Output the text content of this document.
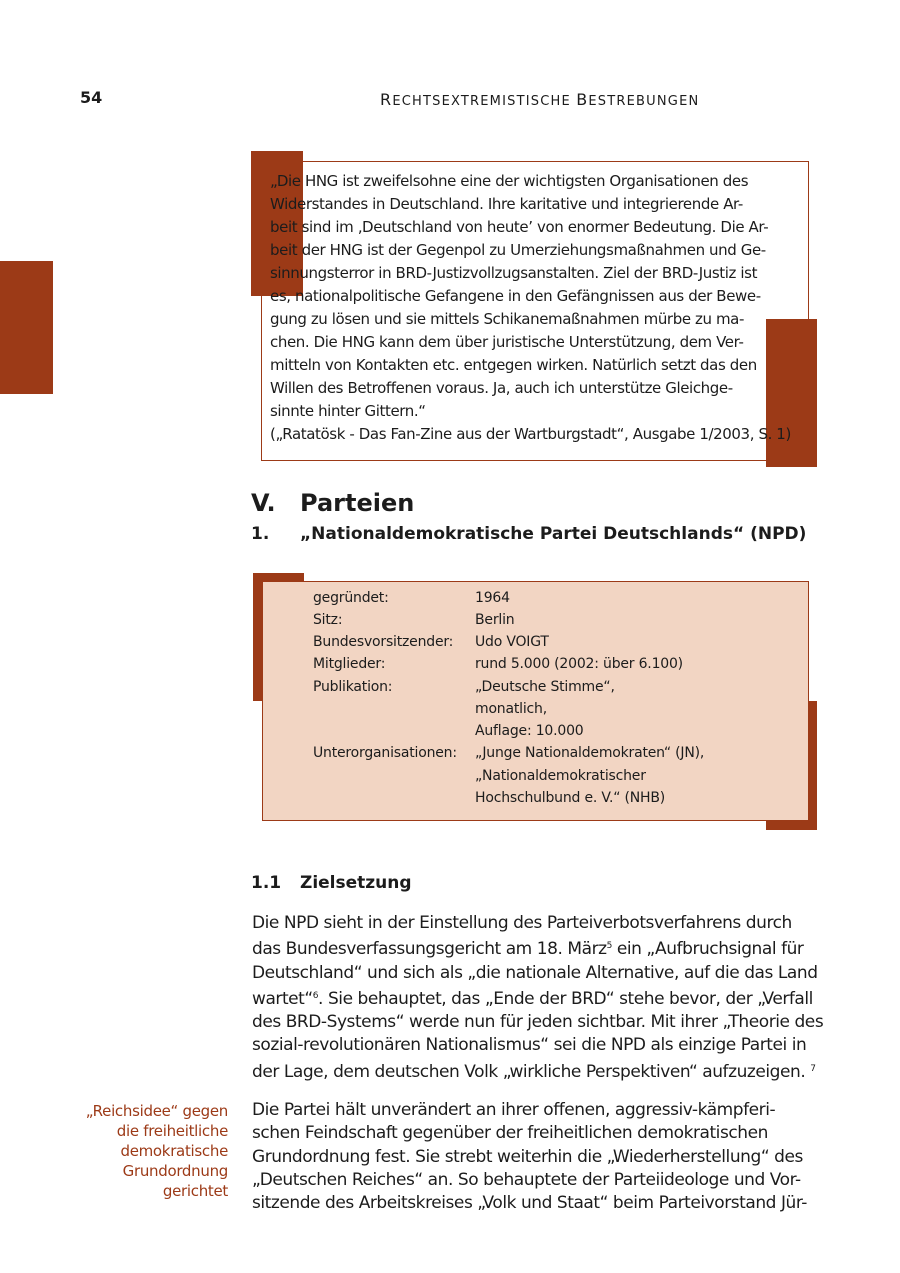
54	RECHTSEXTREMISTISCHE BESTREBUNGEN
„Die HNG ist zweifelsohne eine der wichtigsten Organisationen des
Widerstandes in Deutschland. Ihre karitative und integrierende Ar-
beit sind im ‚Deutschland von heute’ von enormer Bedeutung. Die Ar-
beit der HNG ist der Gegenpol zu Umerziehungsmaßnahmen und Ge-
sinnungsterror in BRD-Justizvollzugsanstalten. Ziel der BRD-Justiz ist
es, nationalpolitische Gefangene in den Gefängnissen aus der Bewe-
gung zu lösen und sie mittels Schikanemaßnahmen mürbe zu ma-
chen. Die HNG kann dem über juristische Unterstützung, dem Ver-
mitteln von Kontakten etc. entgegen wirken. Natürlich setzt das den
Willen des Betroffenen voraus. Ja, auch ich unterstütze Gleichge-
sinnte hinter Gittern.“
(„Ratatösk - Das Fan-Zine aus der Wartburgstadt“, Ausgabe 1/2003, S. 1)
V. Parteien
1. „Nationaldemokratische Partei Deutschlands“ (NPD)
gegründet:	1964
Sitz:	Berlin
Bundesvorsitzender: Udo VOIGT
Mitglieder:	rund 5.000 (2002: über 6.100)
Publikation:	„Deutsche Stimme“,
monatlich,
Auflage: 10.000
Unterorganisationen: „Junge Nationaldemokraten“ (JN),
„Nationaldemokratischer
Hochschulbund e. V.“ (NHB)
1.1 Zielsetzung
Die NPD sieht in der Einstellung des Parteiverbotsverfahrens durch
das Bundesverfassungsgericht am 18. März$^5$ ein „Aufbruchsignal für
Deutschland“ und sich als „die nationale Alternative, auf die das Land
wartet“$^6$. Sie behauptet, das „Ende der BRD“ stehe bevor, der „Verfall
des BRD-Systems“ werde nun für jeden sichtbar. Mit ihrer „Theorie des
sozial-revolutionären Nationalismus“ sei die NPD als einzige Partei in
der Lage, dem deutschen Volk „wirkliche Perspektiven“ aufzuzeigen. $^7$
„Reichsidee“ gegen
die freiheitliche
demokratische
Grundordnung
gerichtet
Die Partei hält unverändert an ihrer offenen, aggressiv-kämpferi-
schen Feindschaft gegenüber der freiheitlichen demokratischen
Grundordnung fest. Sie strebt weiterhin die „Wiederherstellung“ des
„Deutschen Reiches“ an. So behauptete der Parteiideologe und Vor-
sitzende des Arbeitskreises „Volk und Staat“ beim Parteivorstand Jür-
